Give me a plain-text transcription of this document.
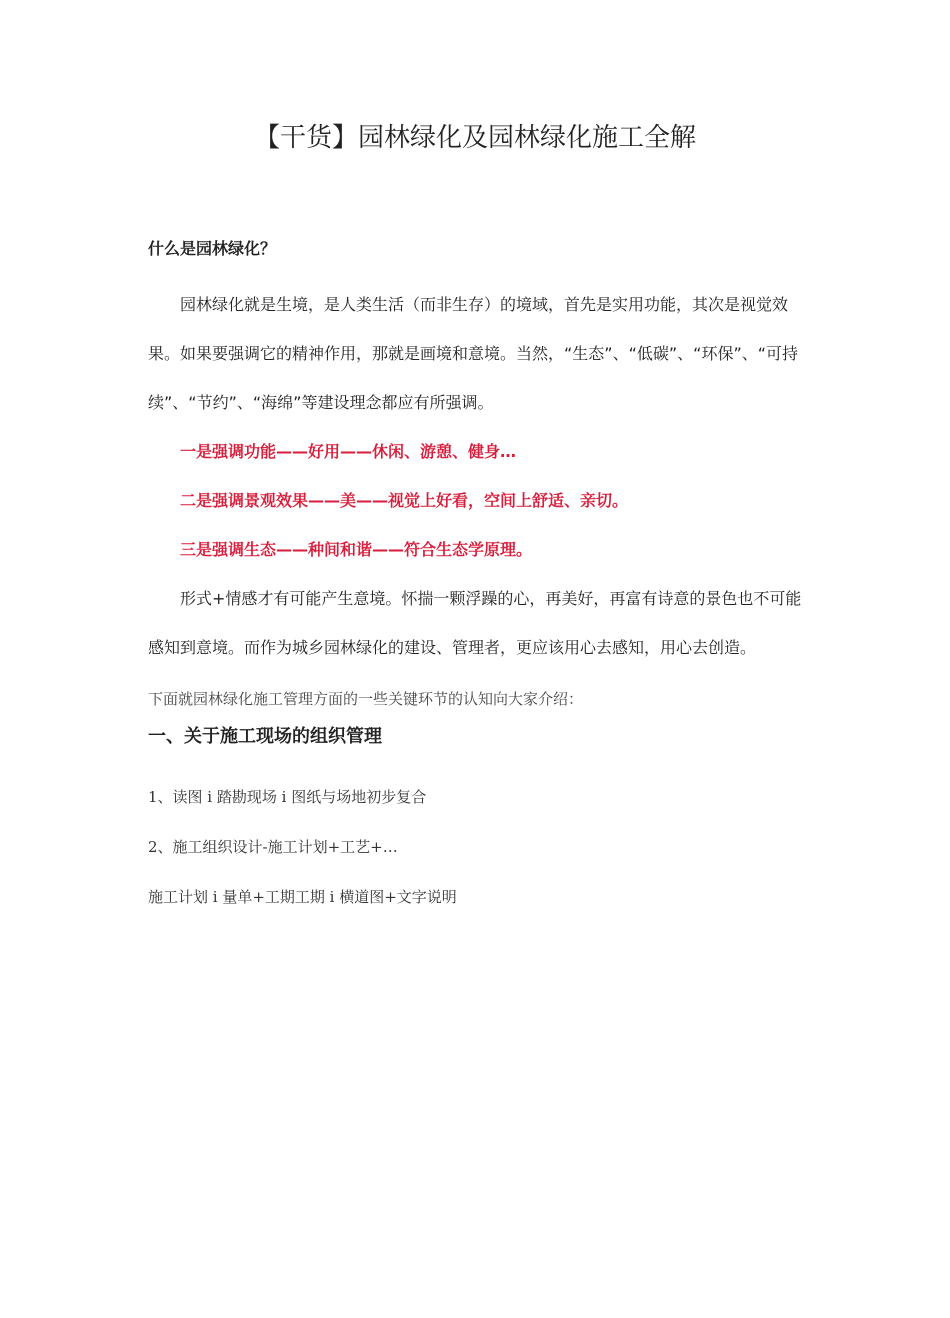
【干货】园林绿化及园林绿化施工全解

什么是园林绿化？

园林绿化就是生境，是人类生活（而非生存）的境域，首先是实用功能，其次是视觉效果。如果要强调它的精神作用，那就是画境和意境。当然，“生态”、“低碳”、“环保”、“可持续”、“节约”、“海绵”等建设理念都应有所强调。

一是强调功能——好用——休闲、游憩、健身…

二是强调景观效果——美——视觉上好看，空间上舒适、亲切。

三是强调生态——种间和谐——符合生态学原理。

形式+情感才有可能产生意境。怀揣一颗浮躁的心，再美好，再富有诗意的景色也不可能感知到意境。而作为城乡园林绿化的建设、管理者，更应该用心去感知，用心去创造。

下面就园林绿化施工管理方面的一些关键环节的认知向大家介绍：

一、关于施工现场的组织管理

1、读图 i 踏勘现场 i 图纸与场地初步复合

2、施工组织设计-施工计划+工艺+…

施工计划 i 量单+工期工期 i 横道图+文字说明
